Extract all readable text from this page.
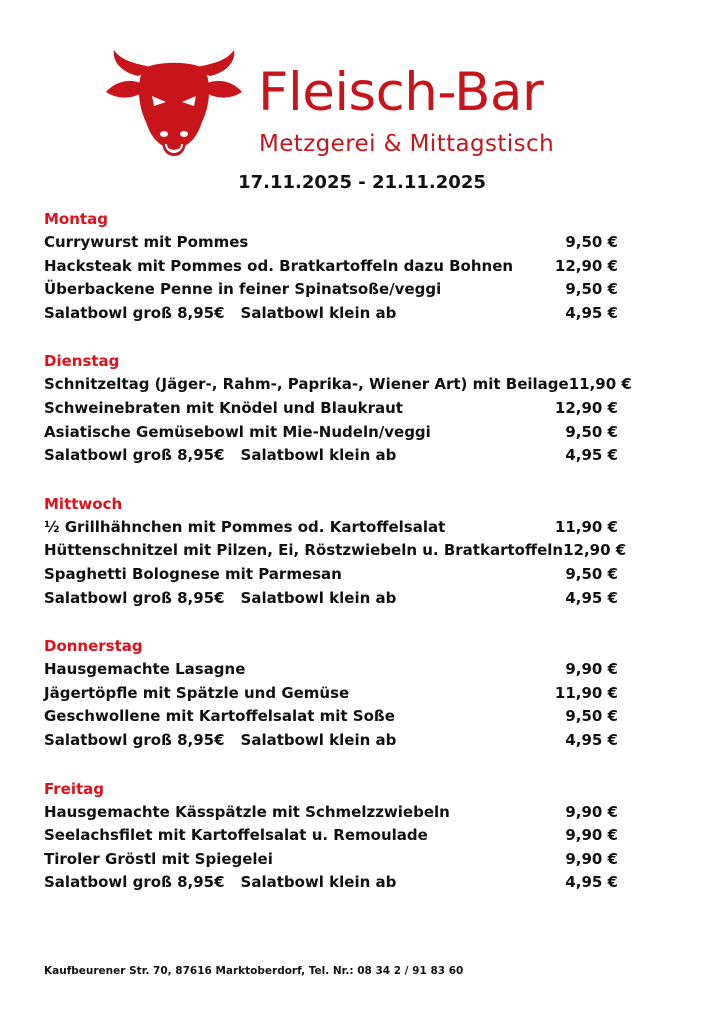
Fleisch-Bar
Metzgerei & Mittagstisch
17.11.2025 - 21.11.2025
Montag
Currywurst mit Pommes	9,50 €
Hacksteak mit Pommes od. Bratkartoffeln dazu Bohnen	12,90 €
Überbackene Penne in feiner Spinatsoße/veggi	9,50 €
Salatbowl groß 8,95€ Salatbowl klein ab	4,95 €
Dienstag
Schnitzeltag (Jäger-, Rahm-, Paprika-, Wiener Art) mit Beilage 11,90 €
Schweinebraten mit Knödel und Blaukraut	12,90 €
Asiatische Gemüsebowl mit Mie-Nudeln/veggi	9,50 €
Salatbowl groß 8,95€ Salatbowl klein ab	4,95 €
Mittwoch
½ Grillhähnchen mit Pommes od. Kartoffelsalat	11,90 €
Hüttenschnitzel mit Pilzen, Ei, Röstzwiebeln u. Bratkartoffeln 12,90 €
Spaghetti Bolognese mit Parmesan	9,50 €
Salatbowl groß 8,95€ Salatbowl klein ab	4,95 €
Donnerstag
Hausgemachte Lasagne	9,90 €
Jägertöpfle mit Spätzle und Gemüse	11,90 €
Geschwollene mit Kartoffelsalat mit Soße	9,50 €
Salatbowl groß 8,95€ Salatbowl klein ab	4,95 €
Freitag
Hausgemachte Kässpätzle mit Schmelzzwiebeln	9,90 €
Seelachsfilet mit Kartoffelsalat u. Remoulade	9,90 €
Tiroler Gröstl mit Spiegelei	9,90 €
Salatbowl groß 8,95€ Salatbowl klein ab	4,95 €
Kaufbeurener Str. 70, 87616 Marktoberdorf, Tel. Nr.: 08 34 2 / 91 83 60
